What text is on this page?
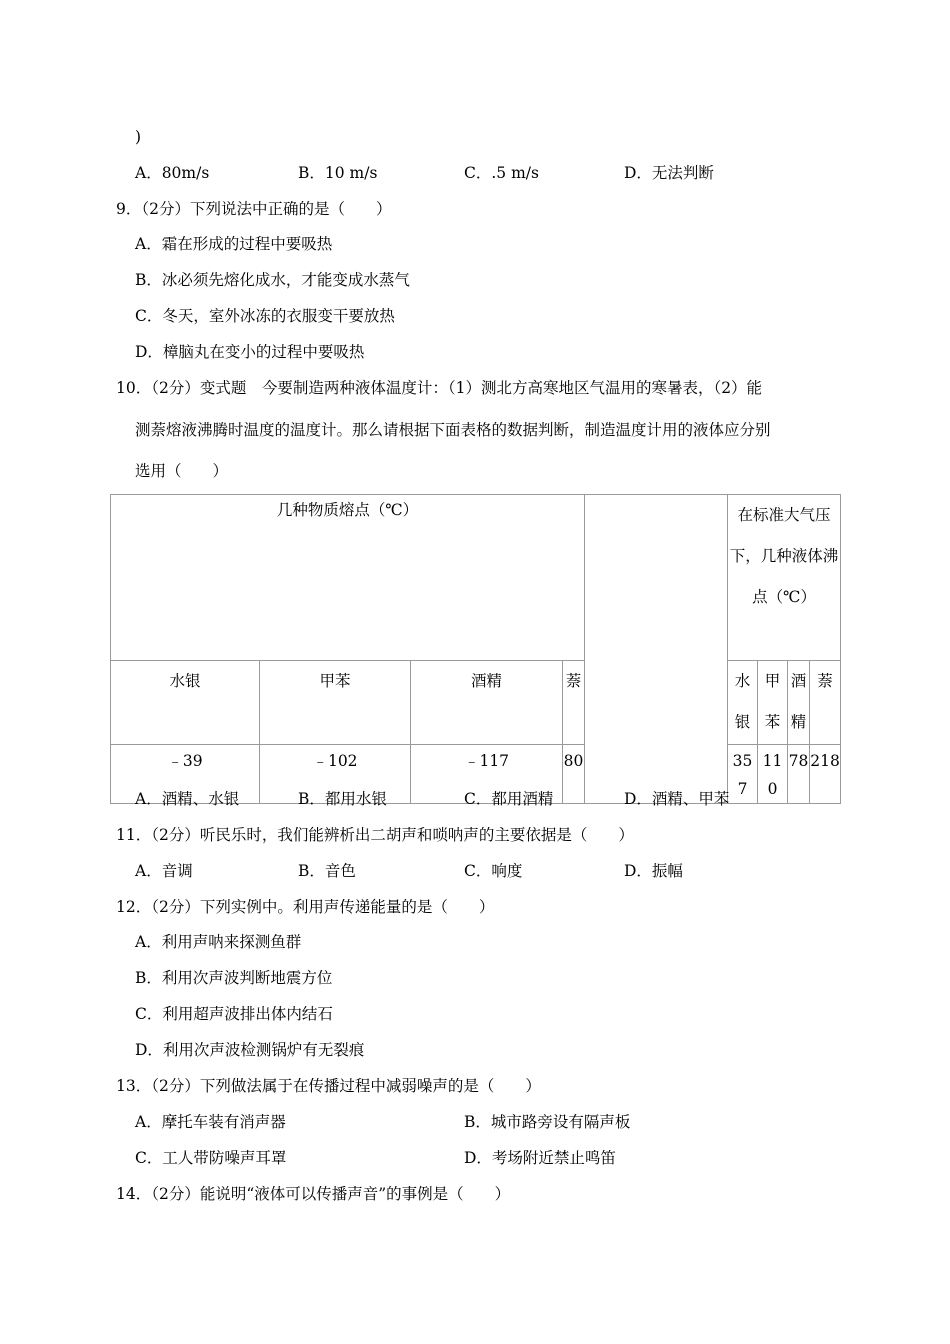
)
A．80m/s	B．10 m/s	C．.5 m/s	D．无法判断
9．（2分）下列说法中正确的是（　　）
A．霜在形成的过程中要吸热
B．冰必须先熔化成水，才能变成水蒸气
C．冬天，室外冰冻的衣服变干要放热
D．樟脑丸在变小的过程中要吸热
10．（2分）变式题　今要制造两种液体温度计：（1）测北方高寒地区气温用的寒暑表，（2）能
测萘熔液沸腾时温度的温度计。那么请根据下面表格的数据判断，制造温度计用的液体应分别
选用（　　）
几种物质熔点（℃）					在标准大气压下，几种液体沸点（℃）			
水银	甲苯	酒精	萘		水银	甲苯	酒精	萘
﹣39	﹣102	﹣117	80		357	110	78	218
A．酒精、水银	B．都用水银	C．都用酒精	D．酒精、甲苯
11．（2分）听民乐时，我们能辨析出二胡声和唢呐声的主要依据是（　　）
A．音调	B．音色	C．响度	D．振幅
12．（2分）下列实例中。利用声传递能量的是（　　）
A．利用声呐来探测鱼群
B．利用次声波判断地震方位
C．利用超声波排出体内结石
D．利用次声波检测锅炉有无裂痕
13．（2分）下列做法属于在传播过程中减弱噪声的是（　　）
A．摩托车装有消声器	B．城市路旁设有隔声板
C．工人带防噪声耳罩	D．考场附近禁止鸣笛
14．（2分）能说明“液体可以传播声音”的事例是（　　）
